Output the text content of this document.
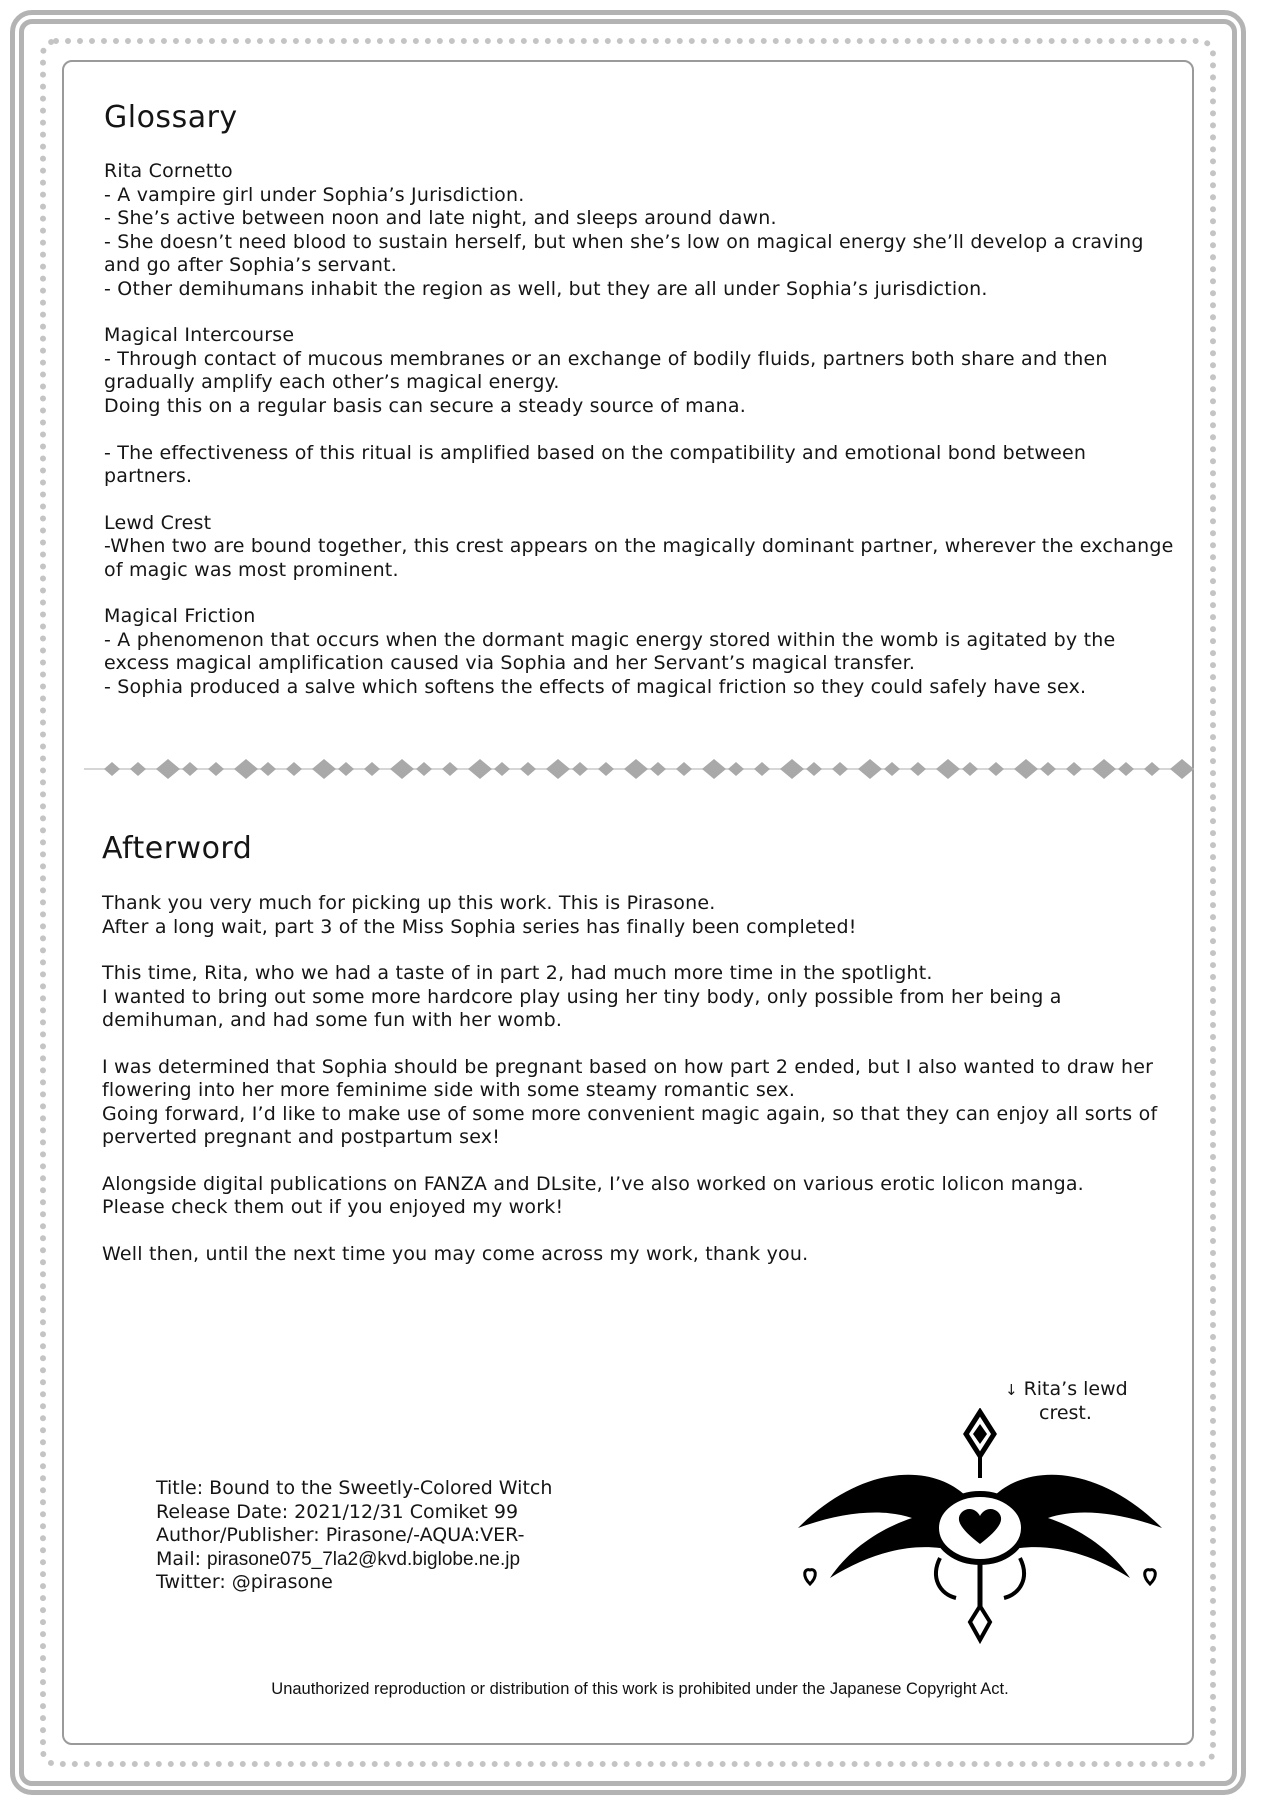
Glossary

Rita Cornetto

- A vampire girl under Sophia’s Jurisdiction.

- She’s active between noon and late night, and sleeps around dawn.

- She doesn’t need blood to sustain herself, but when she’s low on magical energy she’ll develop a craving and go after Sophia’s servant.

- Other demihumans inhabit the region as well, but they are all under Sophia’s jurisdiction.

Magical Intercourse

- Through contact of mucous membranes or an exchange of bodily fluids, partners both share and then gradually amplify each other’s magical energy.

Doing this on a regular basis can secure a steady source of mana.

- The effectiveness of this ritual is amplified based on the compatibility and emotional bond between partners.

Lewd Crest

-When two are bound together, this crest appears on the magically dominant partner, wherever the exchange of magic was most prominent.

Magical Friction

- A phenomenon that occurs when the dormant magic energy stored within the womb is agitated by the excess magical amplification caused via Sophia and her Servant’s magical transfer.

- Sophia produced a salve which softens the effects of magical friction so they could safely have sex.

Afterword

Thank you very much for picking up this work. This is Pirasone.
After a long wait, part 3 of the Miss Sophia series has finally been completed!

This time, Rita, who we had a taste of in part 2, had much more time in the spotlight.
I wanted to bring out some more hardcore play using her tiny body, only possible from her being a demihuman, and had some fun with her womb.

I was determined that Sophia should be pregnant based on how part 2 ended, but I also wanted to draw her flowering into her more feminime side with some steamy romantic sex.
Going forward, I’d like to make use of some more convenient magic again, so that they can enjoy all sorts of perverted pregnant and postpartum sex!

Alongside digital publications on FANZA and DLsite, I’ve also worked on various erotic lolicon manga.
Please check them out if you enjoyed my work!

Well then, until the next time you may come across my work, thank you.

↓ Rita’s lewd
crest.

Title: Bound to the Sweetly-Colored Witch

Release Date: 2021/12/31 Comiket 99

Author/Publisher: Pirasone/-AQUA:VER-

Mail: pirasone075_7la2@kvd.biglobe.ne.jp

Twitter: @pirasone

Unauthorized reproduction or distribution of this work is prohibited under the Japanese Copyright Act.
